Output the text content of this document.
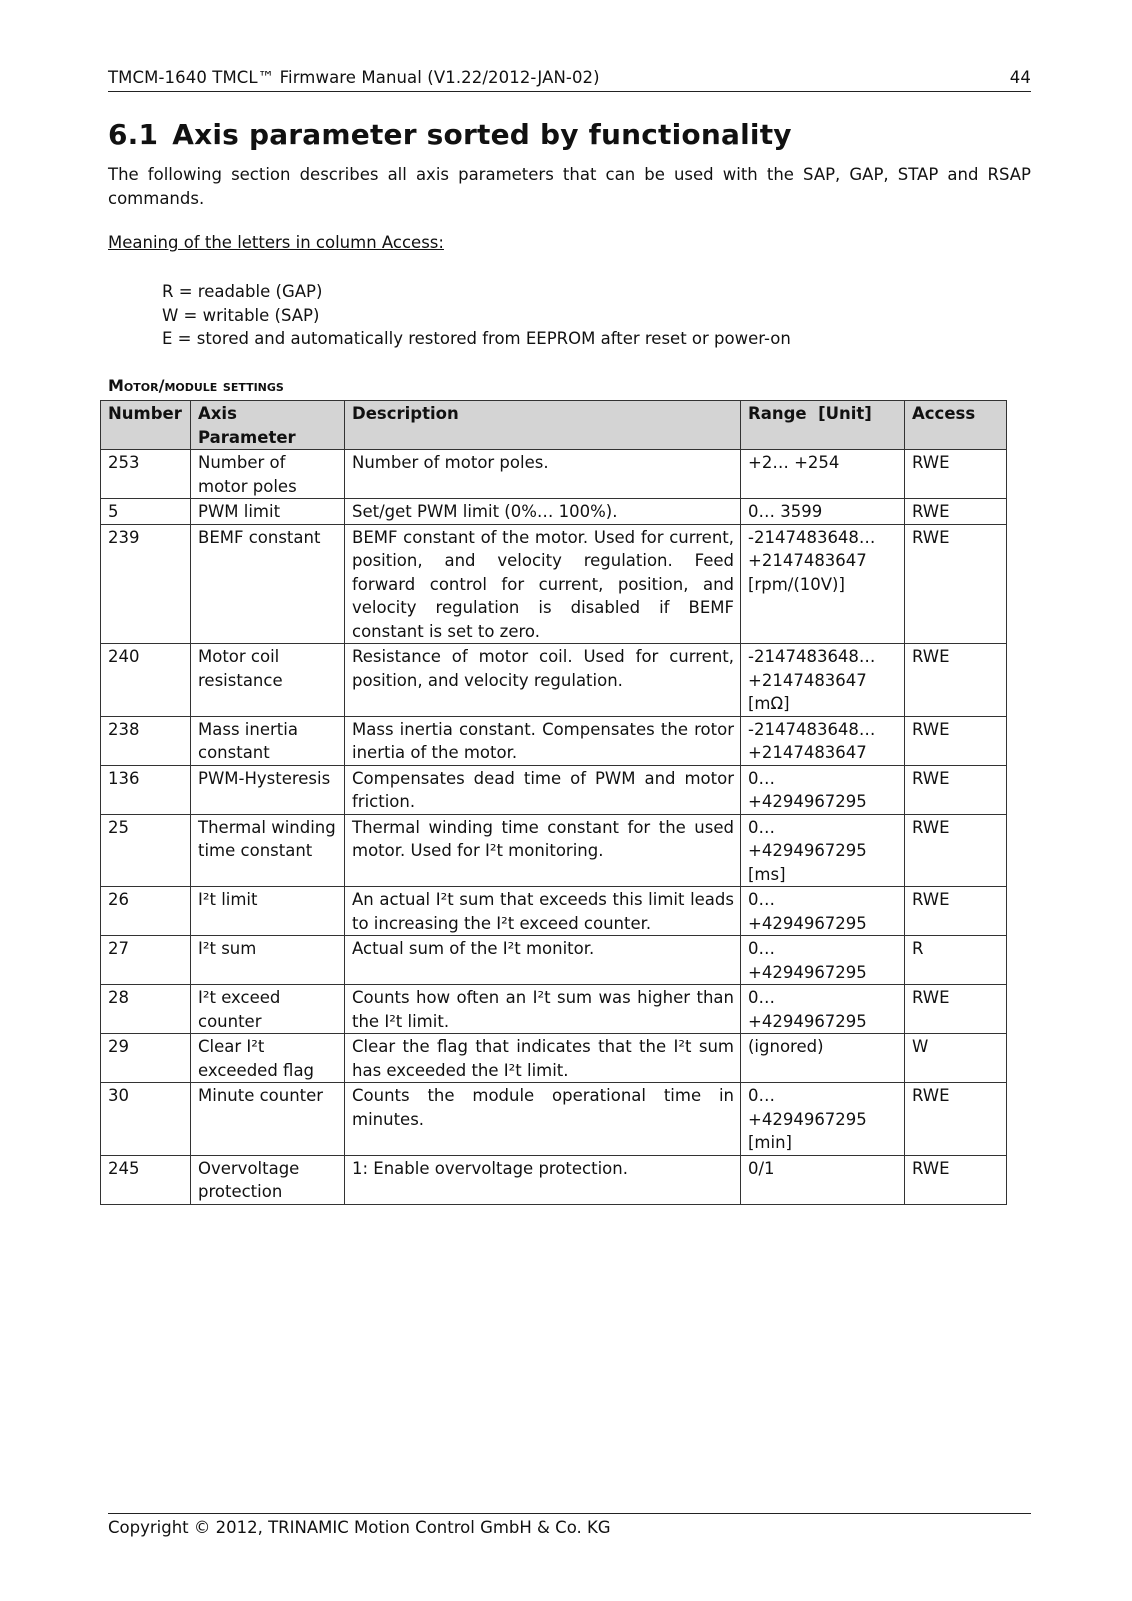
TMCM-1640 TMCL™ Firmware Manual (V1.22/2012-JAN-02)	44
6.1 Axis parameter sorted by functionality

The following section describes all axis parameters that can be used with the SAP, GAP, STAP and RSAP commands.

Meaning of the letters in column Access:

R = readable (GAP)
W = writable (SAP)
E = stored and automatically restored from EEPROM after reset or power-on

Motor/module settings

Number	Axis Parameter	Description	Range  [Unit]	Access
253	Number of motor poles	Number of motor poles.	+2… +254	RWE
5	PWM limit	Set/get PWM limit (0%… 100%).	0… 3599	RWE
239	BEMF constant	BEMF constant of the motor. Used for current, position, and velocity regulation. Feed forward control for current, position, and velocity regulation is disabled if BEMF constant is set to zero.	-2147483648… +2147483647 [rpm/(10V)]	RWE
240	Motor coil resistance	Resistance of motor coil. Used for current, position, and velocity regulation.	-2147483648… +2147483647 [mΩ]	RWE
238	Mass inertia constant	Mass inertia constant. Compensates the rotor inertia of the motor.	-2147483648… +2147483647	RWE
136	PWM-Hysteresis	Compensates dead time of PWM and motor friction.	0… +4294967295	RWE
25	Thermal winding time constant	Thermal winding time constant for the used motor. Used for I²t monitoring.	0… +4294967295 [ms]	RWE
26	I²t limit	An actual I²t sum that exceeds this limit leads to increasing the I²t exceed counter.	0… +4294967295	RWE
27	I²t sum	Actual sum of the I²t monitor.	0… +4294967295	R
28	I²t exceed counter	Counts how often an I²t sum was higher than the I²t limit.	0… +4294967295	RWE
29	Clear I²t exceeded flag	Clear the flag that indicates that the I²t sum has exceeded the I²t limit.	(ignored)	W
30	Minute counter	Counts the module operational time in minutes.	0… +4294967295 [min]	RWE
245	Overvoltage protection	1: Enable overvoltage protection.	0/1	RWE
Copyright © 2012, TRINAMIC Motion Control GmbH & Co. KG
